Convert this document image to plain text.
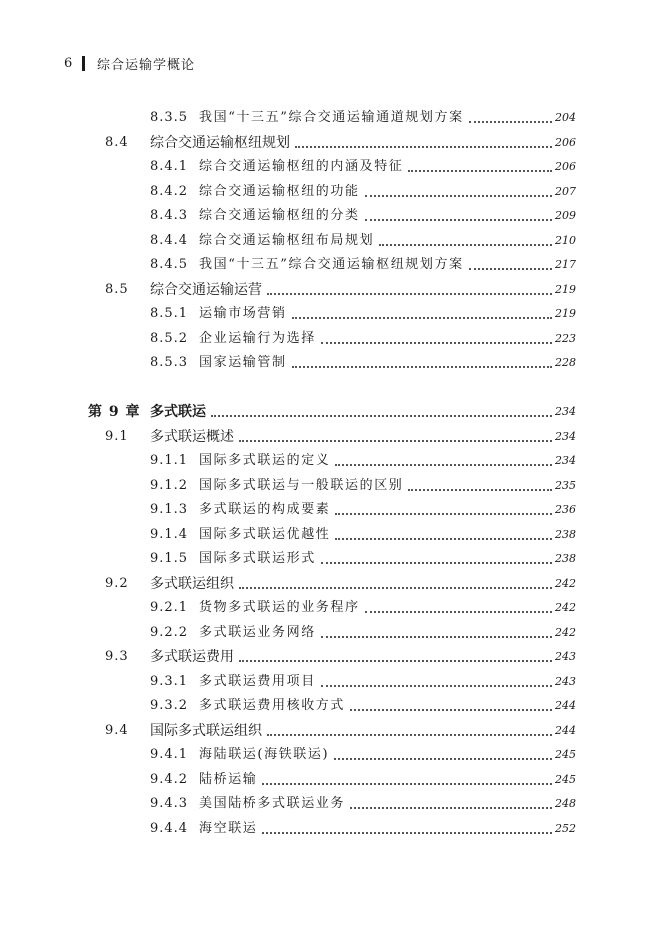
6	综合运输学概论
8.3.5 我国“十三五”综合交通运输通道规划方案	204
8.4 综合交通运输枢纽规划	206
8.4.1 综合交通运输枢纽的内涵及特征	206
8.4.2 综合交通运输枢纽的功能	207
8.4.3 综合交通运输枢纽的分类	209
8.4.4 综合交通运输枢纽布局规划	210
8.4.5 我国“十三五”综合交通运输枢纽规划方案	217
8.5 综合交通运输运营	219
8.5.1 运输市场营销	219
8.5.2 企业运输行为选择	223
8.5.3 国家运输管制	228
第 9 章 多式联运	234
9.1 多式联运概述	234
9.1.1 国际多式联运的定义	234
9.1.2 国际多式联运与一般联运的区别	235
9.1.3 多式联运的构成要素	236
9.1.4 国际多式联运优越性	238
9.1.5 国际多式联运形式	238
9.2 多式联运组织	242
9.2.1 货物多式联运的业务程序	242
9.2.2 多式联运业务网络	242
9.3 多式联运费用	243
9.3.1 多式联运费用项目	243
9.3.2 多式联运费用核收方式	244
9.4 国际多式联运组织	244
9.4.1 海陆联运(海铁联运)	245
9.4.2 陆桥运输	245
9.4.3 美国陆桥多式联运业务	248
9.4.4 海空联运	252
